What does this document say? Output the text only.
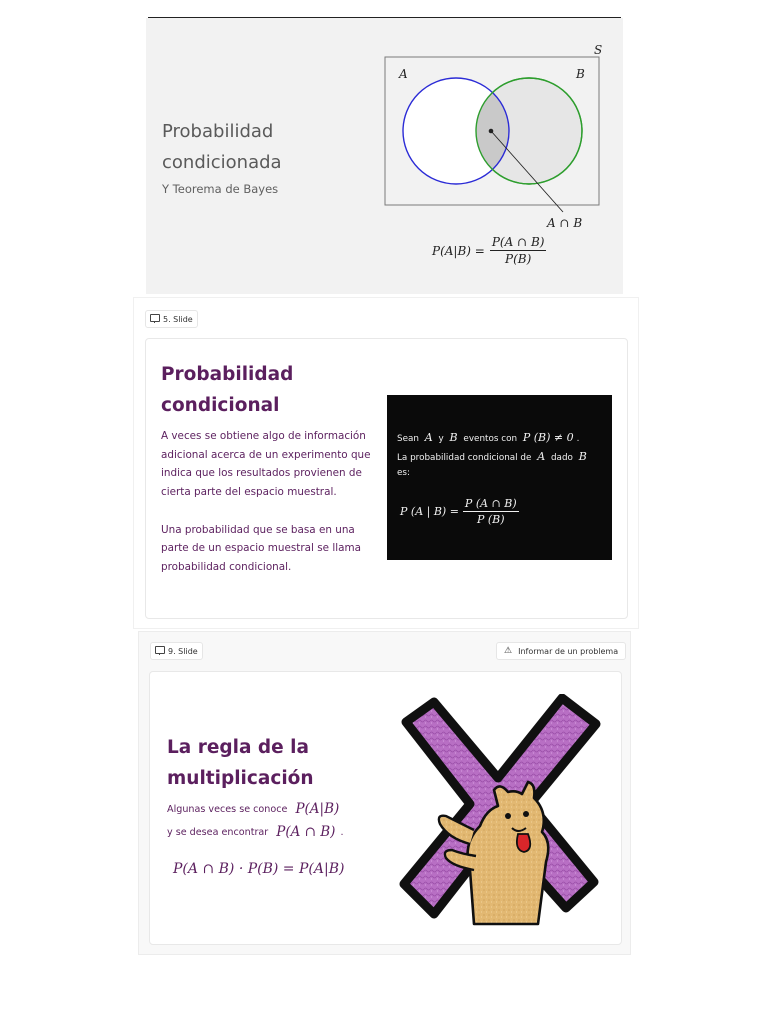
Probabilidad
condicionada
Y Teorema de Bayes
S
A	B
A ∩ B
$P(A|B) = \frac{P(A \cap B)}{P(B)}$
5. Slide
Probabilidad
condicional

A veces se obtiene algo de información adicional acerca de un experimento que indica que los resultados provienen de cierta parte del espacio muestral.

Una probabilidad que se basa en una parte de un espacio muestral se llama probabilidad condicional.

Sean A y B eventos con P (B) ≠ 0 .
La probabilidad condicional de A dado B
es:
P (A | $B) = \frac{P (A \cap B)}{P (B)}$
9. Slide	⚠ Informar de un problema
La regla de la
multiplicación
Algunas veces se conoce P(A|B)
y se desea encontrar P(A ∩ B) .
P(A ∩ B) · P(B) = P(A|B)
